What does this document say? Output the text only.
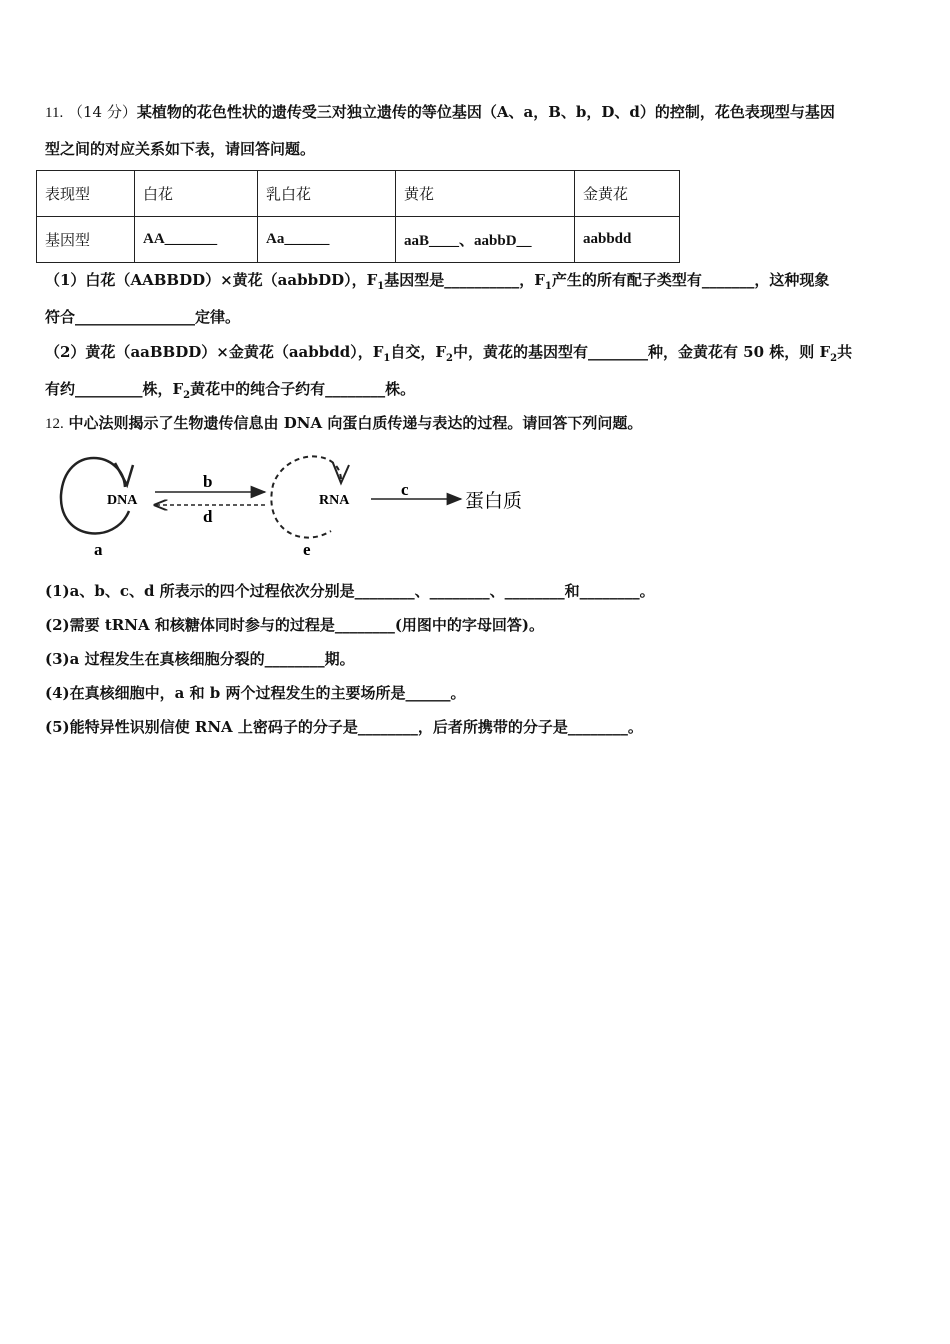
11. （14 分）某植物的花色性状的遗传受三对独立遗传的等位基因（A、a，B、b，D、d）的控制，花色表现型与基因
型之间的对应关系如下表，请回答问题。
表现型	白花	乳白花	黄花	金黄花
基因型	AA_______	Aa______	aaB____、aabbD__	aabbdd
（1）白花（AABBDD）×黄花（aabbDD），$F_1$基因型是__________，$F_1$产生的所有配子类型有_______，这种现象
符合________________定律。
（2）黄花（aaBBDD）×金黄花（aabbdd），$F_1$自交，$F_2$中，黄花的基因型有________种，金黄花有 50 株，则 $F_2$共
有约_________株，$F_2$黄花中的纯合子约有________株。
12. 中心法则揭示了生物遗传信息由 DNA 向蛋白质传递与表达的过程。请回答下列问题。
DNA	RNA	蛋白质
b
d
c
a	e
(1)a、b、c、d 所表示的四个过程依次分别是________、________、________和________。
(2)需要 tRNA 和核糖体同时参与的过程是________(用图中的字母回答)。
(3)a 过程发生在真核细胞分裂的________期。
(4)在真核细胞中，a 和 b 两个过程发生的主要场所是______。
(5)能特异性识别信使 RNA 上密码子的分子是________，后者所携带的分子是________。
